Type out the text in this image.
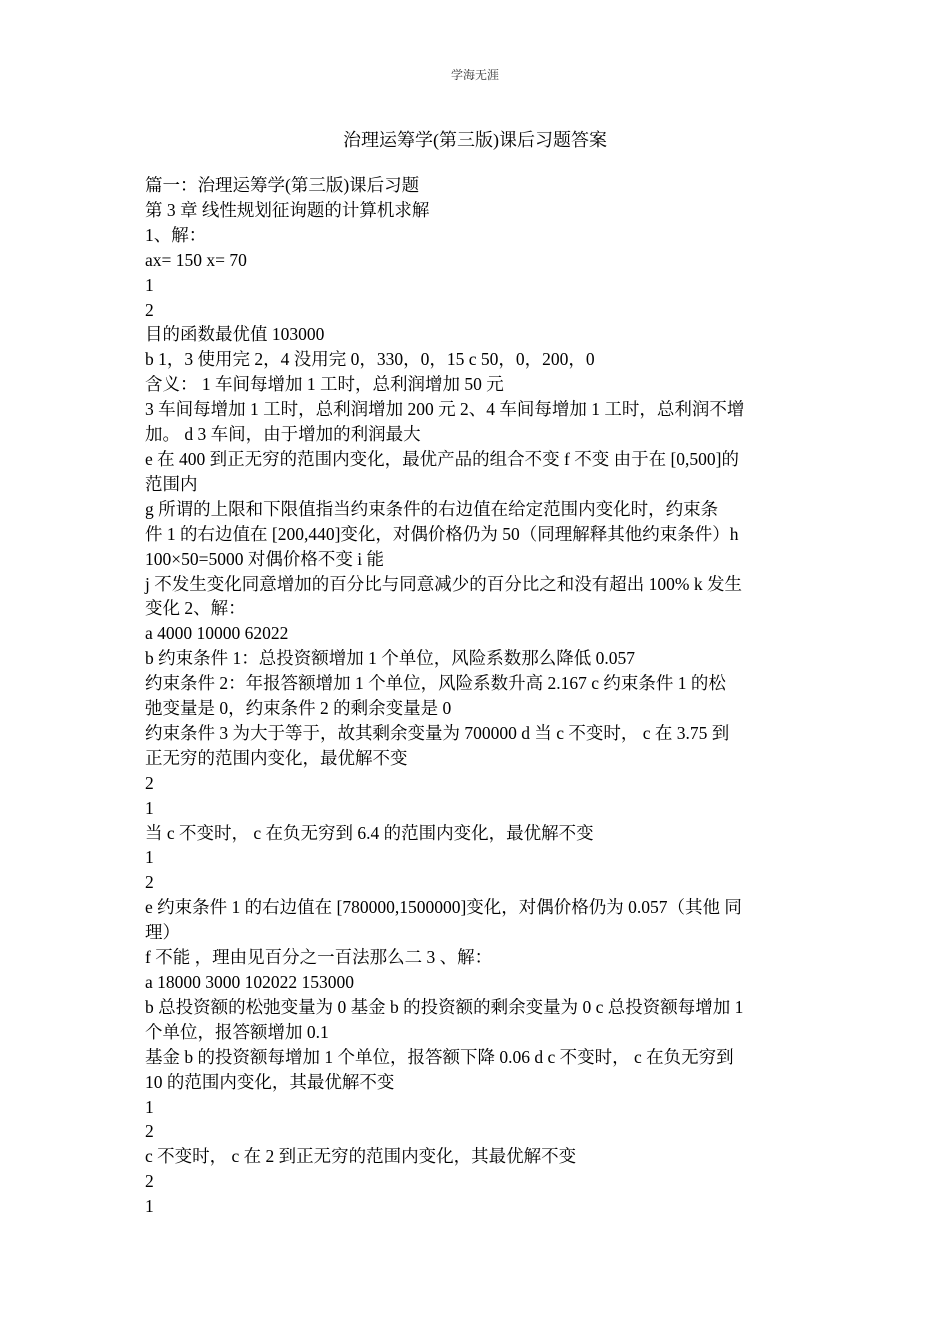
学海无涯
治理运筹学(第三版)课后习题答案
篇一：治理运筹学(第三版)课后习题
第 3 章 线性规划征询题的计算机求解
1、解：
ax= 150 x= 70
1
2
目的函数最优值 103000
b 1，3 使用完 2，4 没用完 0，330，0，15 c 50，0，200，0
含义： 1 车间每增加 1 工时，总利润增加 50 元
3 车间每增加 1 工时，总利润增加 200 元 2、4 车间每增加 1 工时，总利润不增
加。 d 3 车间，由于增加的利润最大
e 在 400 到正无穷的范围内变化，最优产品的组合不变 f 不变 由于在 [0,500]的
范围内
g 所谓的上限和下限值指当约束条件的右边值在给定范围内变化时，约束条
件 1 的右边值在 [200,440]变化，对偶价格仍为 50（同理解释其他约束条件）h
100×50=5000 对偶价格不变 i 能
j 不发生变化同意增加的百分比与同意减少的百分比之和没有超出 100% k 发生
变化 2、解：
a 4000 10000 62022
b 约束条件 1：总投资额增加 1 个单位，风险系数那么降低 0.057
约束条件 2：年报答额增加 1 个单位，风险系数升高 2.167 c 约束条件 1 的松
弛变量是 0，约束条件 2 的剩余变量是 0
约束条件 3 为大于等于，故其剩余变量为 700000 d 当 c 不变时， c 在 3.75 到
正无穷的范围内变化，最优解不变
2
1
当 c 不变时， c 在负无穷到 6.4 的范围内变化，最优解不变
1
2
e 约束条件 1 的右边值在 [780000,1500000]变化，对偶价格仍为 0.057（其他 同
理）
f 不能 ，理由见百分之一百法那么二 3 、解：
a 18000 3000 102022 153000
b 总投资额的松弛变量为 0 基金 b 的投资额的剩余变量为 0 c 总投资额每增加 1
个单位，报答额增加 0.1
基金 b 的投资额每增加 1 个单位，报答额下降 0.06 d c 不变时， c 在负无穷到
10 的范围内变化，其最优解不变
1
2
c 不变时， c 在 2 到正无穷的范围内变化，其最优解不变
2
1
